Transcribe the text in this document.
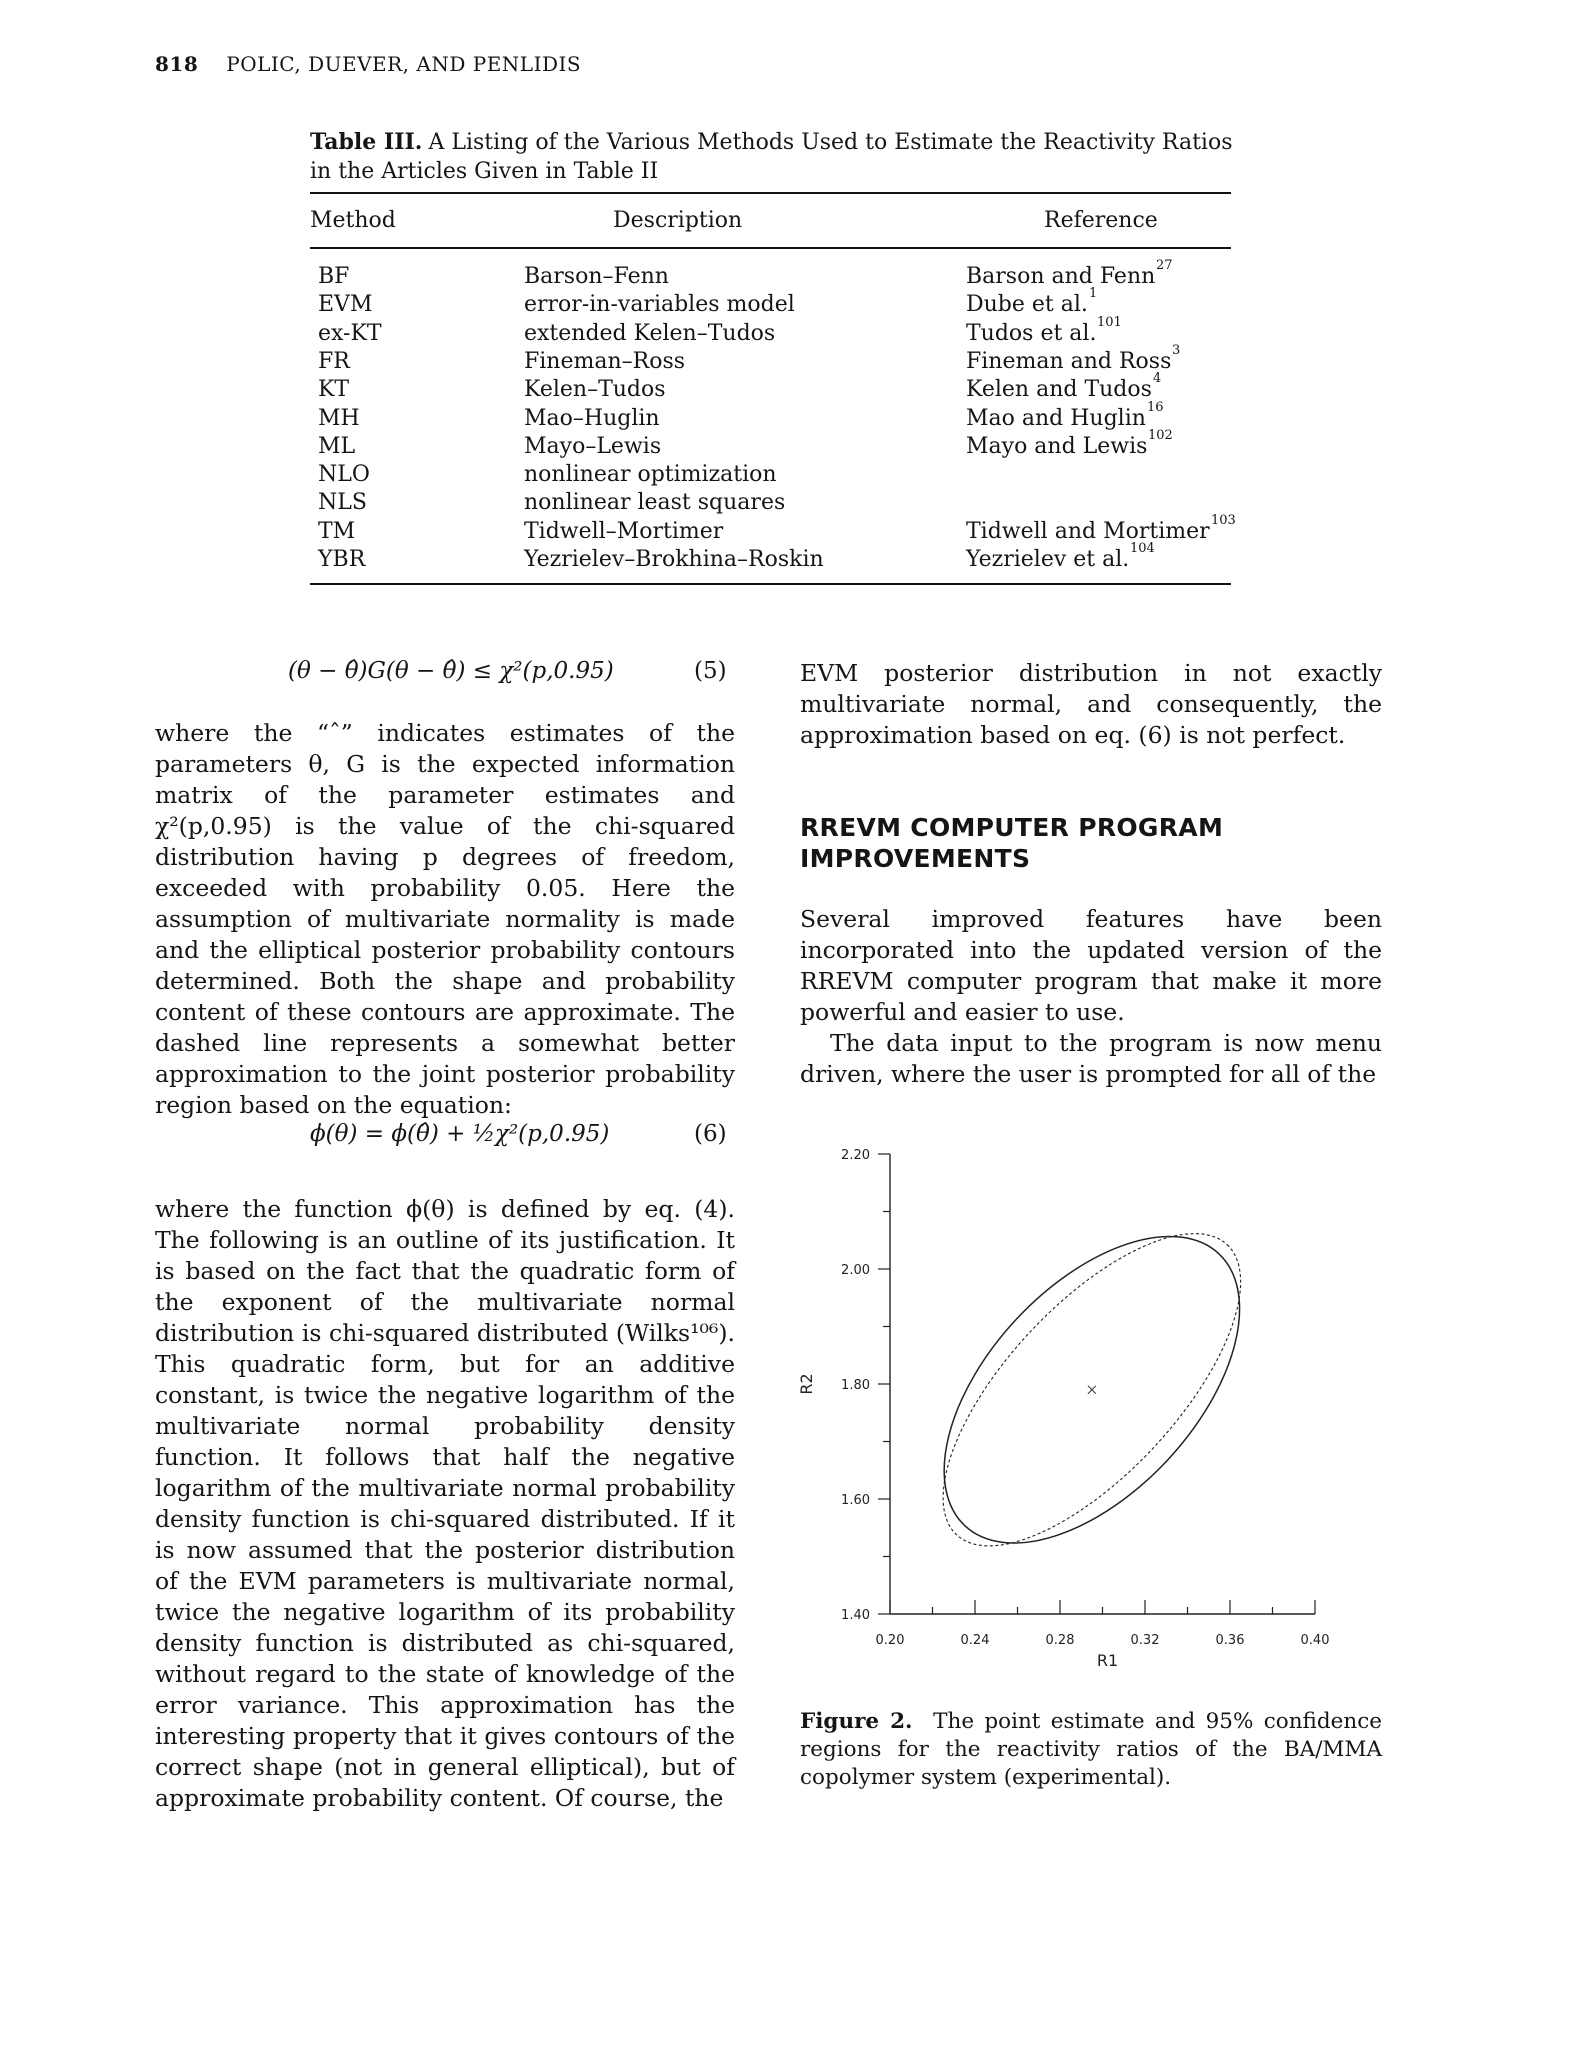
818 POLIC, DUEVER, AND PENLIDIS
Table III. A Listing of the Various Methods Used to Estimate the Reactivity Ratios in the Articles Given in Table II
Method	Description	Reference
BF	Barson–Fenn	Barson and Fenn 27
EVM	error-in-variables model	Dube et al. 1
ex-KT	extended Kelen–Tudos	Tudos et al. 101
FR	Fineman–Ross	Fineman and Ross 3
KT	Kelen–Tudos	Kelen and Tudos 4
MH	Mao–Huglin	Mao and Huglin 16
ML	Mayo–Lewis	Mayo and Lewis 102
NLO	nonlinear optimization
NLS	nonlinear least squares
TM	Tidwell–Mortimer	Tidwell and Mortimer 103
YBR	Yezrielev–Brokhina–Roskin	Yezrielev et al. 104
(θ − θ̂)G(θ − θ̂) ≤ χ²(p,0.95)	(5)

where the “ˆ” indicates estimates of the parameters θ, G is the expected information matrix of the parameter estimates and χ²(p,0.95) is the value of the chi-squared distribution having p degrees of freedom, exceeded with probability 0.05. Here the assumption of multivariate normality is made and the elliptical posterior probability contours determined. Both the shape and probability content of these contours are approximate. The dashed line represents a somewhat better approximation to the joint posterior probability region based on the equation:

ϕ(θ) = ϕ(θ̂) + ½χ²(p,0.95)	(6)

where the function ϕ(θ) is defined by eq. (4). The following is an outline of its justification. It is based on the fact that the quadratic form of the exponent of the multivariate normal distribution is chi-squared distributed (Wilks¹⁰⁶). This quadratic form, but for an additive constant, is twice the negative logarithm of the multivariate normal probability density function. It follows that half the negative logarithm of the multivariate normal probability density function is chi-squared distributed. If it is now assumed that the posterior distribution of the EVM parameters is multivariate normal, twice the negative logarithm of its probability density function is distributed as chi-squared, without regard to the state of knowledge of the error variance. This approximation has the interesting property that it gives contours of the correct shape (not in general elliptical), but of approximate probability content. Of course, the

EVM posterior distribution in not exactly multivariate normal, and consequently, the approximation based on eq. (6) is not perfect.

RREVM COMPUTER PROGRAM IMPROVEMENTS

Several improved features have been incorporated into the updated version of the RREVM computer program that make it more powerful and easier to use.

The data input to the program is now menu driven, where the user is prompted for all of the

1.40
1.60
1.80
2.00
2.20
0.20	0.24	0.28	0.32	0.36	0.40
R1
R2
Figure 2. The point estimate and 95% confidence regions for the reactivity ratios of the BA/MMA copolymer system (experimental).
